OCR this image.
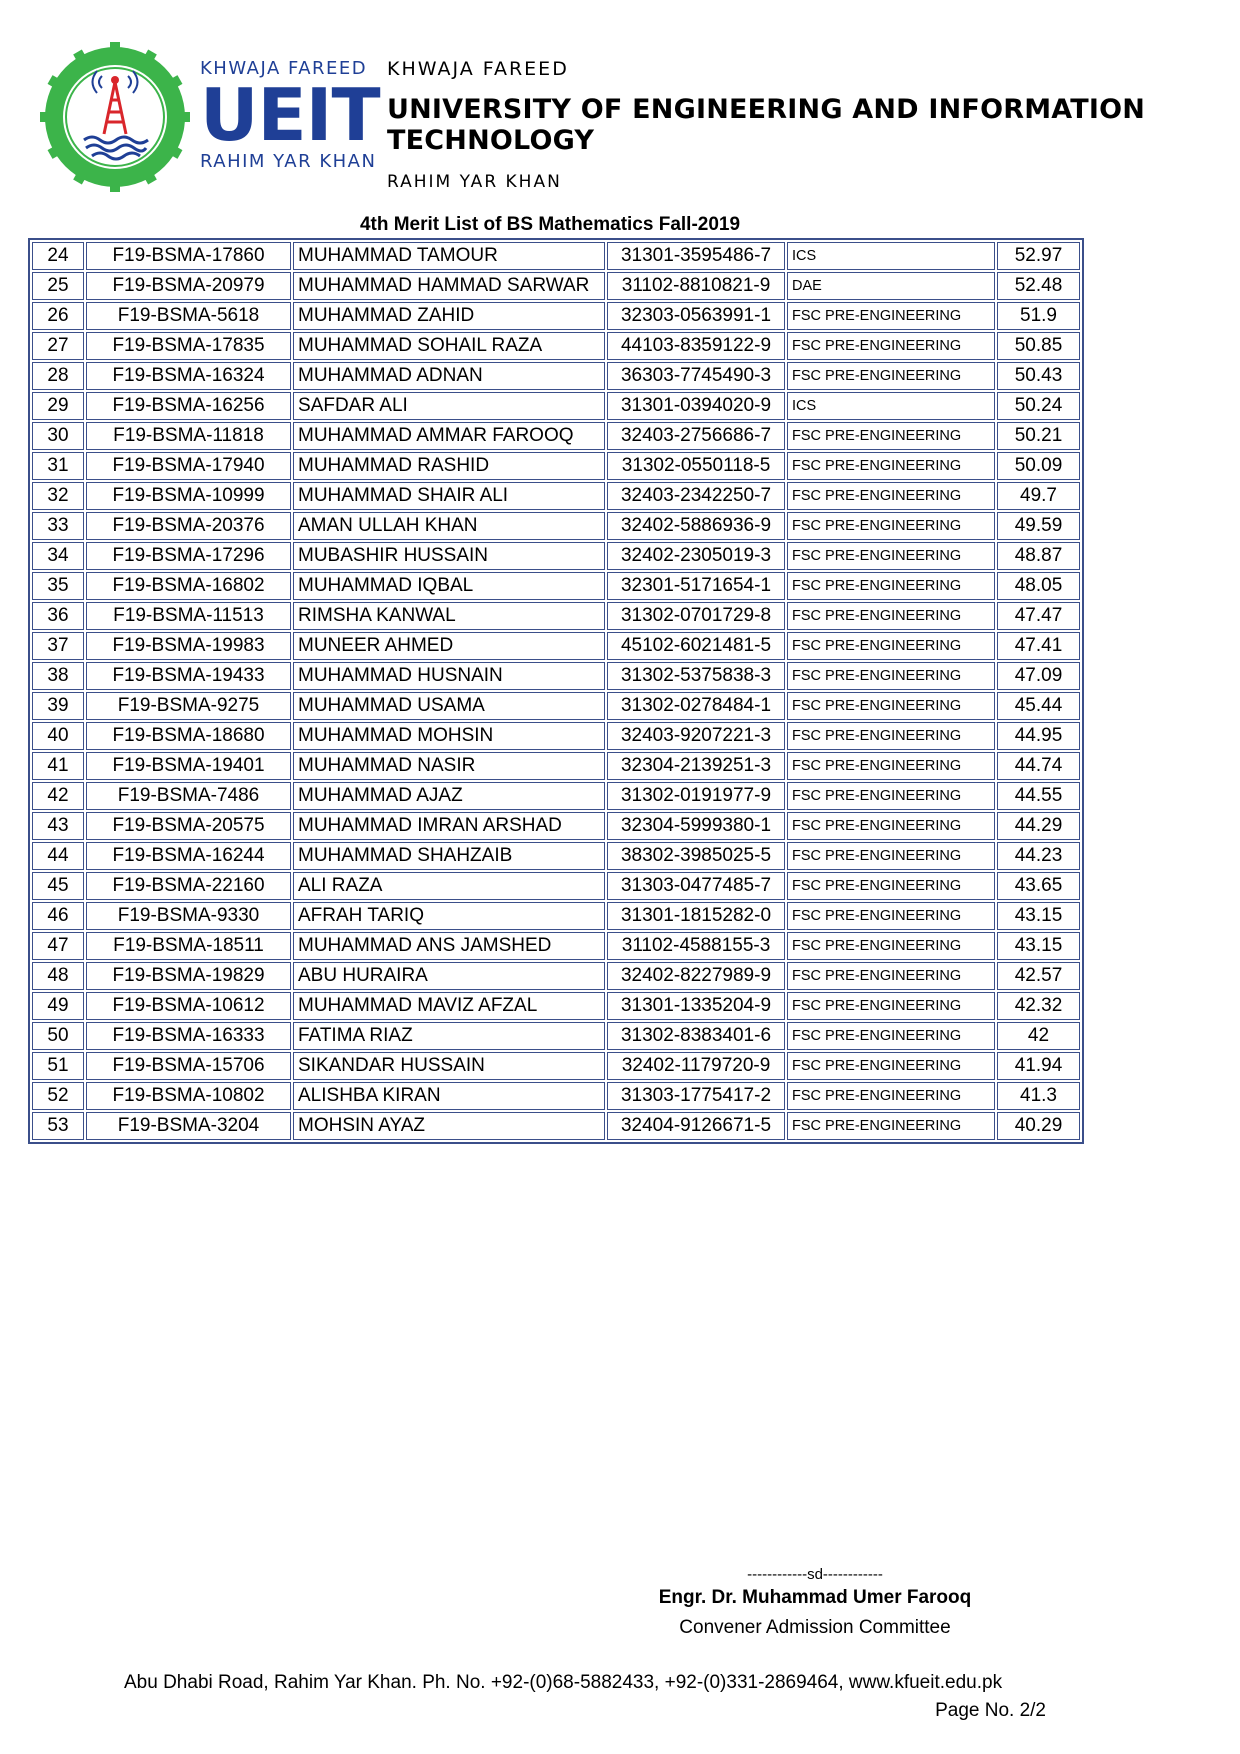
KHWAJA FAREED
UEIT
RAHIM YAR KHAN
KHWAJA FAREED
UNIVERSITY OF ENGINEERING AND INFORMATION TECHNOLOGY
RAHIM YAR KHAN
4th Merit List of BS Mathematics Fall-2019
24	F19-BSMA-17860	MUHAMMAD TAMOUR	31301-3595486-7	ICS	52.97
25	F19-BSMA-20979	MUHAMMAD HAMMAD SARWAR	31102-8810821-9	DAE	52.48
26	F19-BSMA-5618	MUHAMMAD ZAHID	32303-0563991-1	FSC PRE-ENGINEERING	51.9
27	F19-BSMA-17835	MUHAMMAD SOHAIL RAZA	44103-8359122-9	FSC PRE-ENGINEERING	50.85
28	F19-BSMA-16324	MUHAMMAD ADNAN	36303-7745490-3	FSC PRE-ENGINEERING	50.43
29	F19-BSMA-16256	SAFDAR ALI	31301-0394020-9	ICS	50.24
30	F19-BSMA-11818	MUHAMMAD AMMAR FAROOQ	32403-2756686-7	FSC PRE-ENGINEERING	50.21
31	F19-BSMA-17940	MUHAMMAD RASHID	31302-0550118-5	FSC PRE-ENGINEERING	50.09
32	F19-BSMA-10999	MUHAMMAD SHAIR ALI	32403-2342250-7	FSC PRE-ENGINEERING	49.7
33	F19-BSMA-20376	AMAN ULLAH KHAN	32402-5886936-9	FSC PRE-ENGINEERING	49.59
34	F19-BSMA-17296	MUBASHIR HUSSAIN	32402-2305019-3	FSC PRE-ENGINEERING	48.87
35	F19-BSMA-16802	MUHAMMAD IQBAL	32301-5171654-1	FSC PRE-ENGINEERING	48.05
36	F19-BSMA-11513	RIMSHA KANWAL	31302-0701729-8	FSC PRE-ENGINEERING	47.47
37	F19-BSMA-19983	MUNEER AHMED	45102-6021481-5	FSC PRE-ENGINEERING	47.41
38	F19-BSMA-19433	MUHAMMAD HUSNAIN	31302-5375838-3	FSC PRE-ENGINEERING	47.09
39	F19-BSMA-9275	MUHAMMAD USAMA	31302-0278484-1	FSC PRE-ENGINEERING	45.44
40	F19-BSMA-18680	MUHAMMAD MOHSIN	32403-9207221-3	FSC PRE-ENGINEERING	44.95
41	F19-BSMA-19401	MUHAMMAD NASIR	32304-2139251-3	FSC PRE-ENGINEERING	44.74
42	F19-BSMA-7486	MUHAMMAD AJAZ	31302-0191977-9	FSC PRE-ENGINEERING	44.55
43	F19-BSMA-20575	MUHAMMAD IMRAN ARSHAD	32304-5999380-1	FSC PRE-ENGINEERING	44.29
44	F19-BSMA-16244	MUHAMMAD SHAHZAIB	38302-3985025-5	FSC PRE-ENGINEERING	44.23
45	F19-BSMA-22160	ALI RAZA	31303-0477485-7	FSC PRE-ENGINEERING	43.65
46	F19-BSMA-9330	AFRAH TARIQ	31301-1815282-0	FSC PRE-ENGINEERING	43.15
47	F19-BSMA-18511	MUHAMMAD ANS JAMSHED	31102-4588155-3	FSC PRE-ENGINEERING	43.15
48	F19-BSMA-19829	ABU HURAIRA	32402-8227989-9	FSC PRE-ENGINEERING	42.57
49	F19-BSMA-10612	MUHAMMAD MAVIZ AFZAL	31301-1335204-9	FSC PRE-ENGINEERING	42.32
50	F19-BSMA-16333	FATIMA RIAZ	31302-8383401-6	FSC PRE-ENGINEERING	42
51	F19-BSMA-15706	SIKANDAR HUSSAIN	32402-1179720-9	FSC PRE-ENGINEERING	41.94
52	F19-BSMA-10802	ALISHBA KIRAN	31303-1775417-2	FSC PRE-ENGINEERING	41.3
53	F19-BSMA-3204	MOHSIN AYAZ	32404-9126671-5	FSC PRE-ENGINEERING	40.29
------------sd------------
Engr. Dr. Muhammad Umer Farooq
Convener Admission Committee
Abu Dhabi Road, Rahim Yar Khan. Ph. No. +92-(0)68-5882433, +92-(0)331-2869464, www.kfueit.edu.pk
Page No. 2/2
